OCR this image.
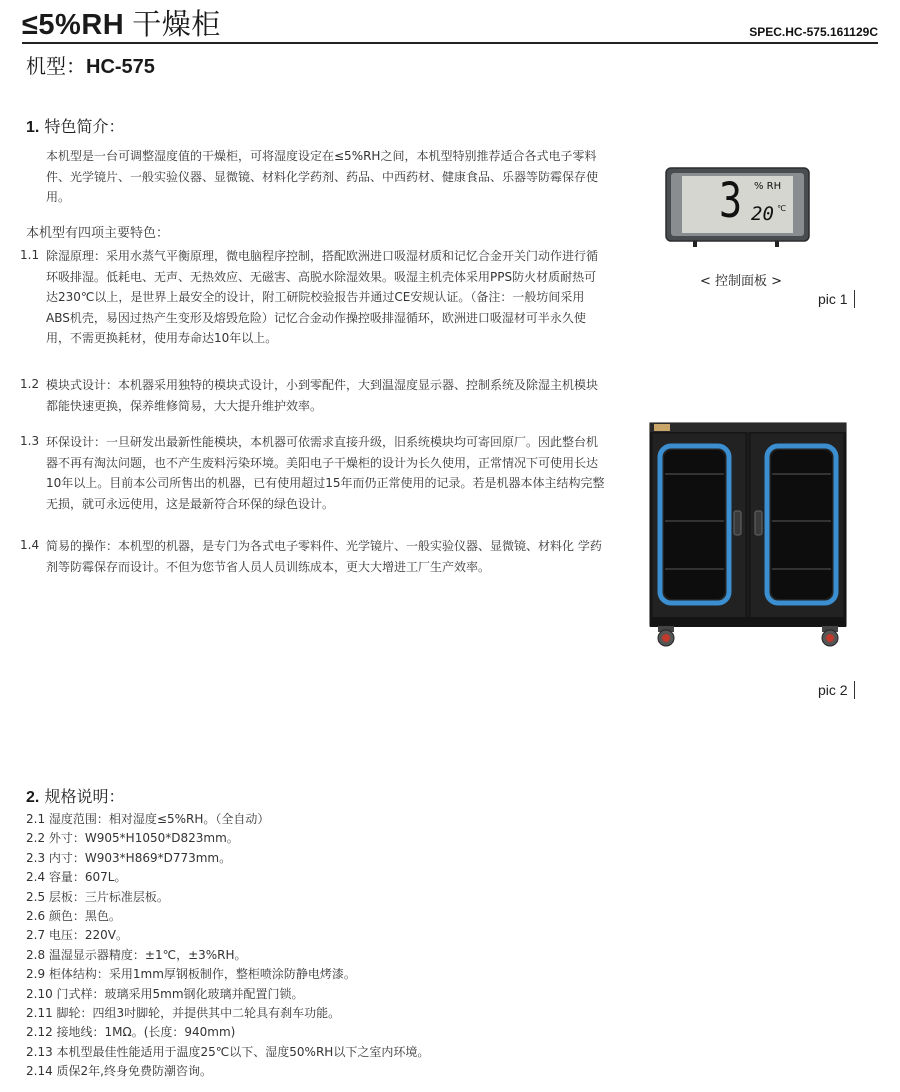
≤5%RH 干燥柜	SPEC.HC-575.161129C
机型：HC-575
1. 特色简介：
本机型是一台可调整湿度值的干燥柜，可将湿度设定在≤5%RH之间，本机型特别推荐适合各式电子零料件、光学镜片、一般实验仪器、显微镜、材料化学药剂、药品、中西药材、健康食品、乐器等防霉保存使用。
本机型有四项主要特色：
1.1 除湿原理：采用水蒸气平衡原理，微电脑程序控制，搭配欧洲进口吸湿材质和记忆合金开关门动作进行循环吸排湿。低耗电、无声、无热效应、无磁害、高脱水除湿效果。吸湿主机壳体采用PPS防火材质耐热可达230℃以上，是世界上最安全的设计，附工研院校验报告并通过CE安规认证。（备注：一般坊间采用ABS机壳，易因过热产生变形及熔毁危险）记忆合金动作操控吸排湿循环，欧洲进口吸湿材可半永久使用，不需更换耗材，使用寿命达10年以上。
1.2 模块式设计：本机器采用独特的模块式设计，小到零配件，大到温湿度显示器、控制系统及除湿主机模块都能快速更换，保养维修简易，大大提升维护效率。
1.3 环保设计：一旦研发出最新性能模块，本机器可依需求直接升级，旧系统模块均可寄回原厂。因此整台机器不再有淘汰问题，也不产生废料污染环境。美阳电子干燥柜的设计为长久使用，正常情况下可使用长达10年以上。目前本公司所售出的机器，已有使用超过15年而仍正常使用的记录。若是机器本体主结构完整无损，就可永远使用，这是最新符合环保的绿色设计。
1.4 简易的操作：本机型的机器，是专门为各式电子零料件、光学镜片、一般实验仪器、显微镜、材料化 学药剂等防霉保存而设计。不但为您节省人员人员训练成本，更大大增进工厂生产效率。
3 % RH
20 ℃
< 控制面板 >
pic 1
pic 2
2. 规格说明：
2.1 湿度范围：相对湿度≤5%RH。（全自动）
2.2 外寸：W905*H1050*D823mm。
2.3 内寸：W903*H869*D773mm。
2.4 容量：607L。
2.5 层板：三片标准层板。
2.6 颜色：黑色。
2.7 电压：220V。
2.8 温湿显示器精度：±1℃，±3%RH。
2.9 柜体结构：采用1mm厚钢板制作，整柜喷涂防静电烤漆。
2.10 门式样：玻璃采用5mm钢化玻璃并配置门锁。
2.11 脚轮：四组3吋脚轮，并提供其中二轮具有刹车功能。
2.12 接地线：1MΩ。(长度：940mm)
2.13 本机型最佳性能适用于温度25℃以下、湿度50%RH以下之室内环境。
2.14 质保2年,终身免费防潮咨询。
